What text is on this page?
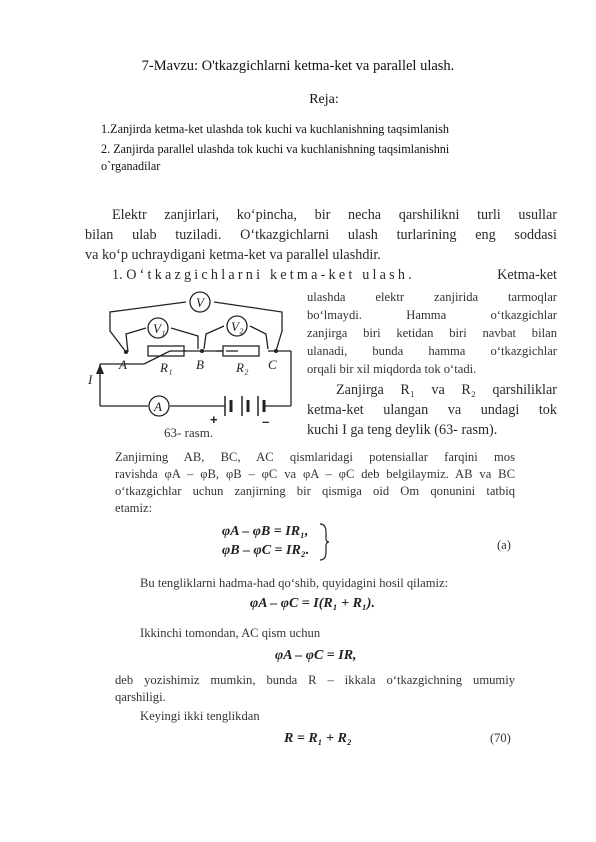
7-Mavzu: O'tkazgichlarni ketma-ket va parallel ulash.
Reja:
1.Zanjirda ketma-ket ulashda tok kuchi va kuchlanishning taqsimlanish
2. Zanjirda parallel ulashda tok kuchi va kuchlanishning taqsimlanishni
o`rganadilar
Elektr zanjirlari, ko‘pincha, bir necha qarshilikni turli usullar
bilan ulab tuziladi. O‘tkazgichlarni ulash turlarining eng soddasi
va ko‘p uchraydigani ketma-ket va parallel ulashdir.
1. O‘tkazgichlarni ketma-ket ulash.	Ketma-ket
ulashda elektr zanjirida tarmoqlar
bo‘lmaydi. Hamma o‘tkazgichlar
zanjirga biri ketidan biri navbat bilan
ulanadi, bunda hamma o‘tkazgichlar
orqali bir xil miqdorda tok o‘tadi.
Zanjirga R₁ va R₂ qarshiliklar
ketma-ket ulangan va undagi tok
kuchi I ga teng deylik (63- rasm).
V
V₁	V₂
A	B	C
R₁	R₂
A
I
+	–
63- rasm.
Zanjirning AB, BC, AC qismlaridagi potensiallar farqini mos
ravishda φA – φB, φB – φC va φA – φC deb belgilaymiz. AB va BC
o‘tkazgichlar uchun zanjirning bir qismiga oid Om qonunini tatbiq
etamiz:
φA – φB = IR₁,
φB – φC = IR₂.	(a)
Bu tengliklarni hadma-had qo‘shib, quyidagini hosil qilamiz:
φA – φC = I(R₁ + R₁).
Ikkinchi tomondan, AC qism uchun
φA – φC = IR,
deb yozishimiz mumkin, bunda R – ikkala o‘tkazgichning umumiy
qarshiligi.
Keyingi ikki tenglikdan
R = R₁ + R₂	(70)
